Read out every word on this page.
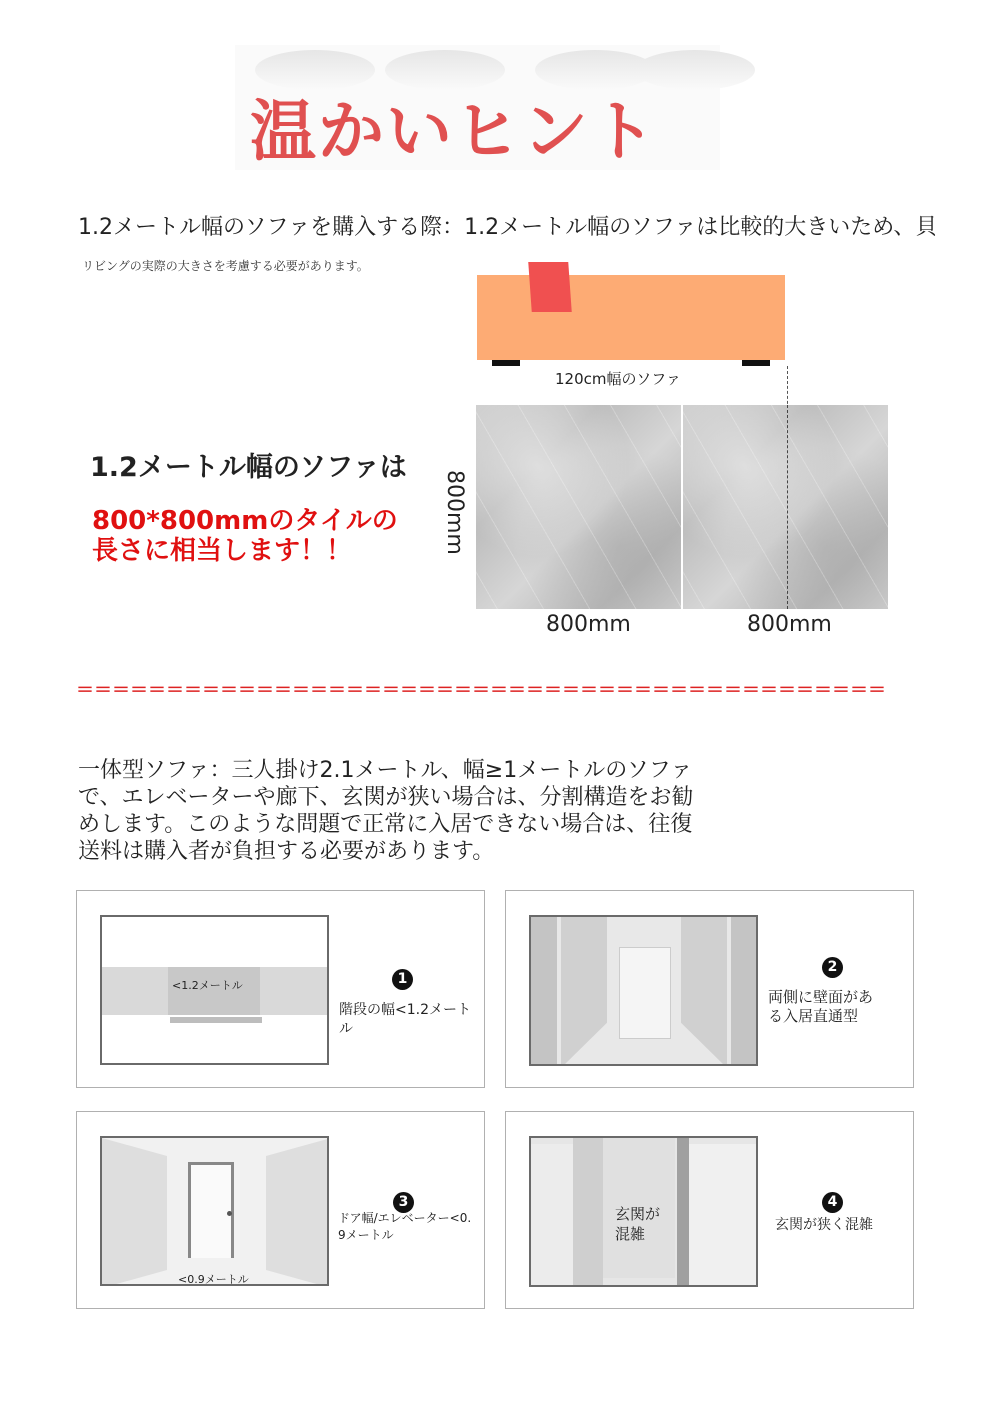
温かいヒント
1.2メートル幅のソファを購入する際：1.2メートル幅のソファは比較的大きいため、貝
リビングの実際の大きさを考慮する必要があります。
120cm幅のソファ
800mm
800mm	800mm
1.2メートル幅のソファは
800*800mmのタイルの
長さに相当します！！
＝＝＝＝＝＝＝＝＝＝＝＝＝＝＝＝＝＝＝＝＝＝＝＝＝＝＝＝＝＝＝＝＝＝＝＝＝＝＝＝＝＝＝＝＝
一体型ソファ：三人掛け2.1メートル、幅≥1メートルのソファ
で、エレベーターや廊下、玄関が狭い場合は、分割構造をお勧
めします。このような問題で正常に入居できない場合は、往復
送料は購入者が負担する必要があります。
<1.2メートル	1
階段の幅<1.2メートル
2
両側に壁面があ
る入居直通型
<0.9メートル
3
ドア幅/エレベーター<0.
9メートル
玄関が
混雑
4
玄関が狭く混雑
